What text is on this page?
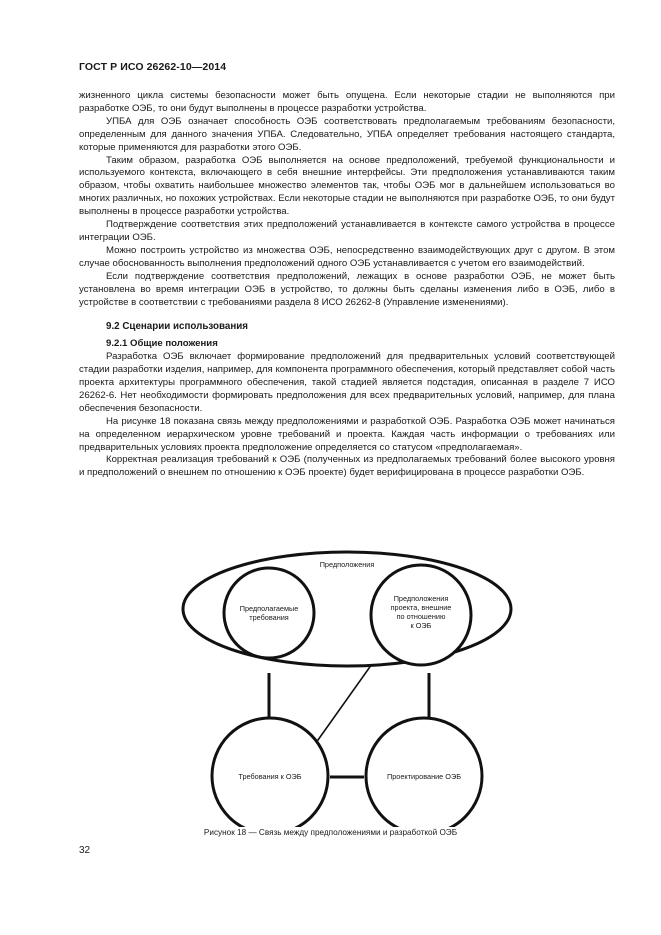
ГОСТ Р ИСО 26262-10—2014

жизненного цикла системы безопасности может быть опущена. Если некоторые стадии не выполняются при разработке ОЭБ, то они будут выполнены в процессе разработки устройства.

УПБА для ОЭБ означает способность ОЭБ соответствовать предполагаемым требованиям безопасности, определенным для данного значения УПБА. Следовательно, УПБА определяет требования настоящего стандарта, которые применяются для разработки этого ОЭБ.

Таким образом, разработка ОЭБ выполняется на основе предположений, требуемой функциональности и используемого контекста, включающего в себя внешние интерфейсы. Эти предположения устанавливаются таким образом, чтобы охватить наибольшее множество элементов так, чтобы ОЭБ мог в дальнейшем использоваться во многих различных, но похожих устройствах. Если некоторые стадии не выполняются при разработке ОЭБ, то они будут выполнены в процессе разработки устройства.

Подтверждение соответствия этих предположений устанавливается в контексте самого устройства в процессе интеграции ОЭБ.

Можно построить устройство из множества ОЭБ, непосредственно взаимодействующих друг с другом. В этом случае обоснованность выполнения предположений одного ОЭБ устанавливается с учетом его взаимодействий.

Если подтверждение соответствия предположений, лежащих в основе разработки ОЭБ, не может быть установлена во время интеграции ОЭБ в устройство, то должны быть сделаны изменения либо в ОЭБ, либо в устройстве в соответствии с требованиями раздела 8 ИСО 26262-8 (Управление изменениями).

9.2 Сценарии использования
9.2.1 Общие положения

Разработка ОЭБ включает формирование предположений для предварительных условий соответствующей стадии разработки изделия, например, для компонента программного обеспечения, который представляет собой часть проекта архитектуры программного обеспечения, такой стадией является подстадия, описанная в разделе 7 ИСО 26262-6. Нет необходимости формировать предположения для всех предварительных условий, например, для плана обеспечения безопасности.

На рисунке 18 показана связь между предположениями и разработкой ОЭБ. Разработка ОЭБ может начинаться на определенном иерархическом уровне требований и проекта. Каждая часть информации о требованиях или предварительных условиях проекта предположение определяется со статусом «предполагаемая».

Корректная реализация требований к ОЭБ (полученных из предполагаемых требований более высокого уровня и предположений о внешнем по отношению к ОЭБ проекте) будет верифицирована в процессе разработки ОЭБ.

Предположения
Предполагаемые требования
Предположения
проекта, внешние
по отношению
к ОЭБ
Требования к ОЭБ	Проектирование ОЭБ
Рисунок 18 — Связь между предположениями и разработкой ОЭБ
32
